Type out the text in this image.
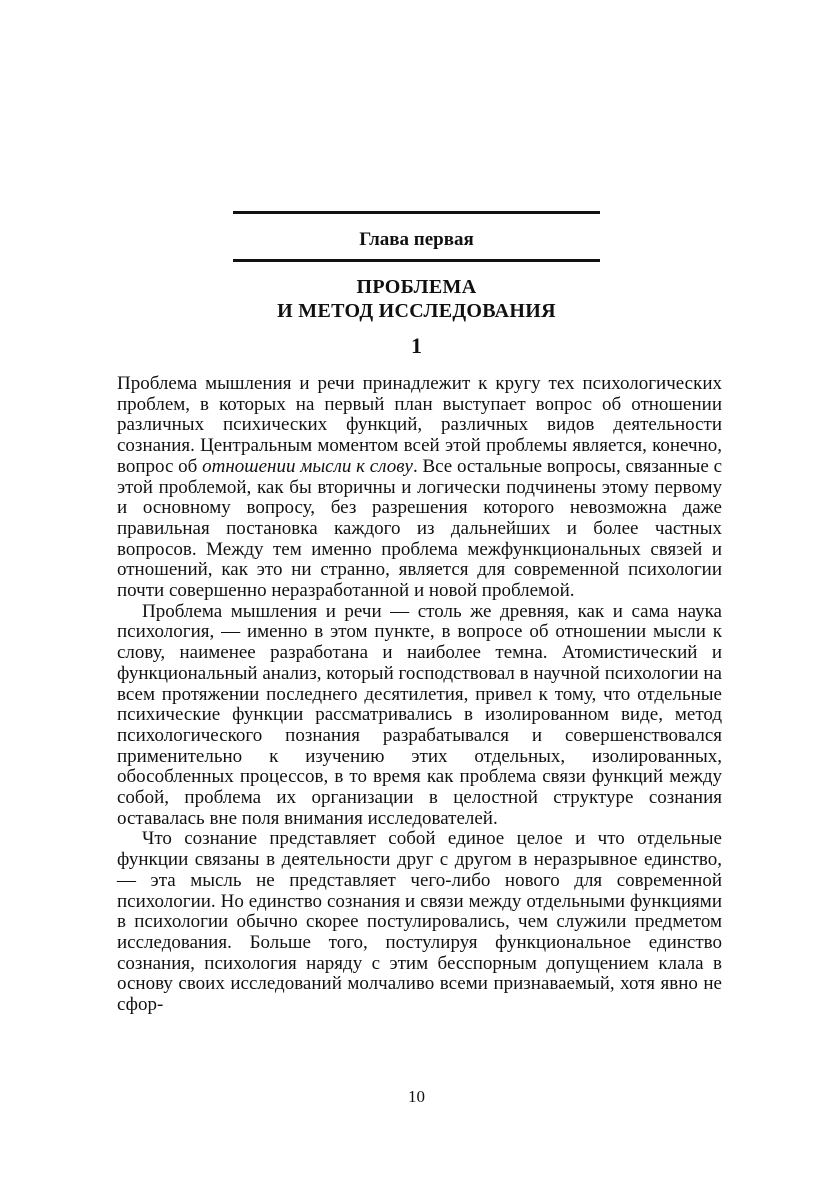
Глава первая
ПРОБЛЕМА
И МЕТОД ИССЛЕДОВАНИЯ
1

Проблема мышления и речи принадлежит к кругу тех психологических проблем, в которых на первый план выступает вопрос об отношении различных психических функций, различных видов деятельности сознания. Центральным моментом всей этой проблемы является, конечно, вопрос об отношении мысли к слову. Все остальные вопросы, связанные с этой проблемой, как бы вторичны и логически подчинены этому первому и основному вопросу, без разрешения которого невозможна даже правильная постановка каждого из дальнейших и более частных вопросов. Между тем именно проблема межфункциональных связей и отношений, как это ни странно, является для современной психологии почти совершенно неразработанной и новой проблемой.

Проблема мышления и речи — столь же древняя, как и сама наука психология, — именно в этом пункте, в вопросе об отношении мысли к слову, наименее разработана и наиболее темна. Атомистический и функциональный анализ, который господствовал в научной психологии на всем протяжении последнего десятилетия, привел к тому, что отдельные психические функции рассматривались в изолированном виде, метод психологического познания разрабатывался и совершенствовался применительно к изучению этих отдельных, изолированных, обособленных процессов, в то время как проблема связи функций между собой, проблема их организации в целостной структуре сознания оставалась вне поля внимания исследователей.

Что сознание представляет собой единое целое и что отдельные функции связаны в деятельности друг с другом в неразрывное единство, — эта мысль не представляет чего-либо нового для современной психологии. Но единство сознания и связи между отдельными функциями в психологии обычно скорее постулировались, чем служили предметом исследования. Больше того, постулируя функциональное единство сознания, психология наряду с этим бесспорным допущением клала в основу своих исследований молчаливо всеми признаваемый, хотя явно не сфор-

10
